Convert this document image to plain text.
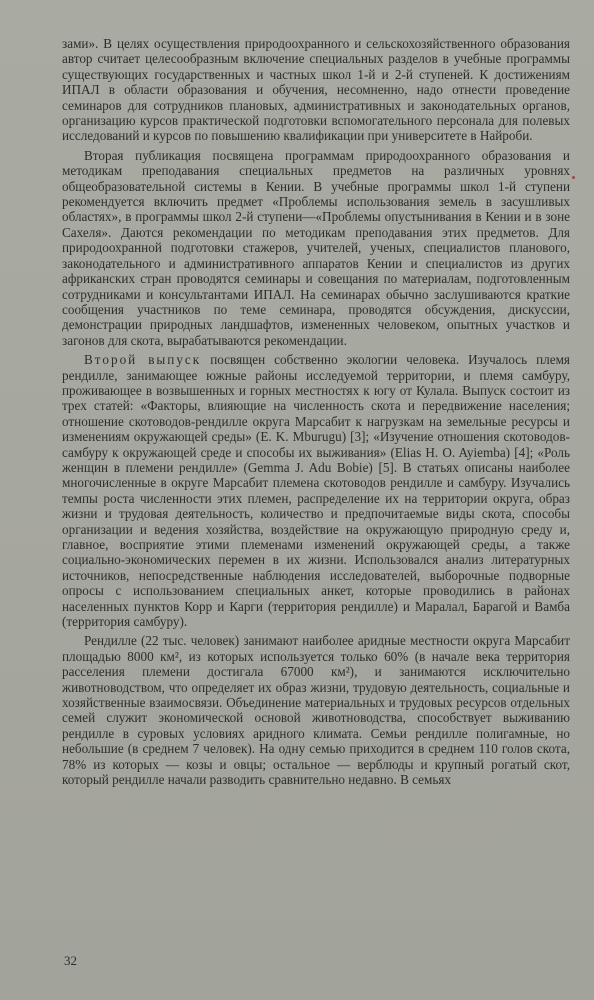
зами». В целях осуществления природоохранного и сельскохозяйственного образования автор считает целесообразным включение специальных разделов в учебные программы существующих государственных и частных школ 1-й и 2-й ступеней. К достижениям ИПАЛ в области образования и обучения, несомненно, надо отнести проведение семинаров для сотрудников плановых, административных и законодательных органов, организацию курсов практической подготовки вспомогательного персонала для полевых исследований и курсов по повышению квалификации при университете в Найроби.

Вторая публикация посвящена программам природоохранного образования и методикам преподавания специальных предметов на различных уровнях общеобразовательной системы в Кении. В учебные программы школ 1-й ступени рекомендуется включить предмет «Проблемы использования земель в засушливых областях», в программы школ 2-й ступени—«Проблемы опустынивания в Кении и в зоне Сахеля». Даются рекомендации по методикам преподавания этих предметов. Для природоохранной подготовки стажеров, учителей, ученых, специалистов планового, законодательного и административного аппаратов Кении и специалистов из других африканских стран проводятся семинары и совещания по материалам, подготовленным сотрудниками и консультантами ИПАЛ. На семинарах обычно заслушиваются краткие сообщения участников по теме семинара, проводятся обсуждения, дискуссии, демонстрации природных ландшафтов, измененных человеком, опытных участков и загонов для скота, вырабатываются рекомендации.

Второй выпуск посвящен собственно экологии человека. Изучалось племя рендилле, занимающее южные районы исследуемой территории, и племя самбуру, проживающее в возвышенных и горных местностях к югу от Кулала. Выпуск состоит из трех статей: «Факторы, влияющие на численность скота и передвижение населения; отношение скотоводов-рендилле округа Марсабит к нагрузкам на земельные ресурсы и изменениям окружающей среды» (E. K. Mburugu) [3]; «Изучение отношения скотоводов-самбуру к окружающей среде и способы их выживания» (Elias H. O. Ayiemba) [4]; «Роль женщин в племени рендилле» (Gemma J. Adu Bobie) [5]. В статьях описаны наиболее многочисленные в округе Марсабит племена скотоводов рендилле и самбуру. Изучались темпы роста численности этих племен, распределение их на территории округа, образ жизни и трудовая деятельность, количество и предпочитаемые виды скота, способы организации и ведения хозяйства, воздействие на окружающую природную среду и, главное, восприятие этими племенами изменений окружающей среды, а также социально-экономических перемен в их жизни. Использовался анализ литературных источников, непосредственные наблюдения исследователей, выборочные подворные опросы с использованием специальных анкет, которые проводились в районах населенных пунктов Корр и Карги (территория рендилле) и Маралал, Барагой и Вамба (территория самбуру).

Рендилле (22 тыс. человек) занимают наиболее аридные местности округа Марсабит площадью 8000 км², из которых используется только 60% (в начале века территория расселения племени достигала 67000 км²), и занимаются исключительно животноводством, что определяет их образ жизни, трудовую деятельность, социальные и хозяйственные взаимосвязи. Объединение материальных и трудовых ресурсов отдельных семей служит экономической основой животноводства, способствует выживанию рендилле в суровых условиях аридного климата. Семьи рендилле полигамные, но небольшие (в среднем 7 человек). На одну семью приходится в среднем 110 голов скота, 78% из которых — козы и овцы; остальное — верблюды и крупный рогатый скот, который рендилле начали разводить сравнительно недавно. В семьях

32
